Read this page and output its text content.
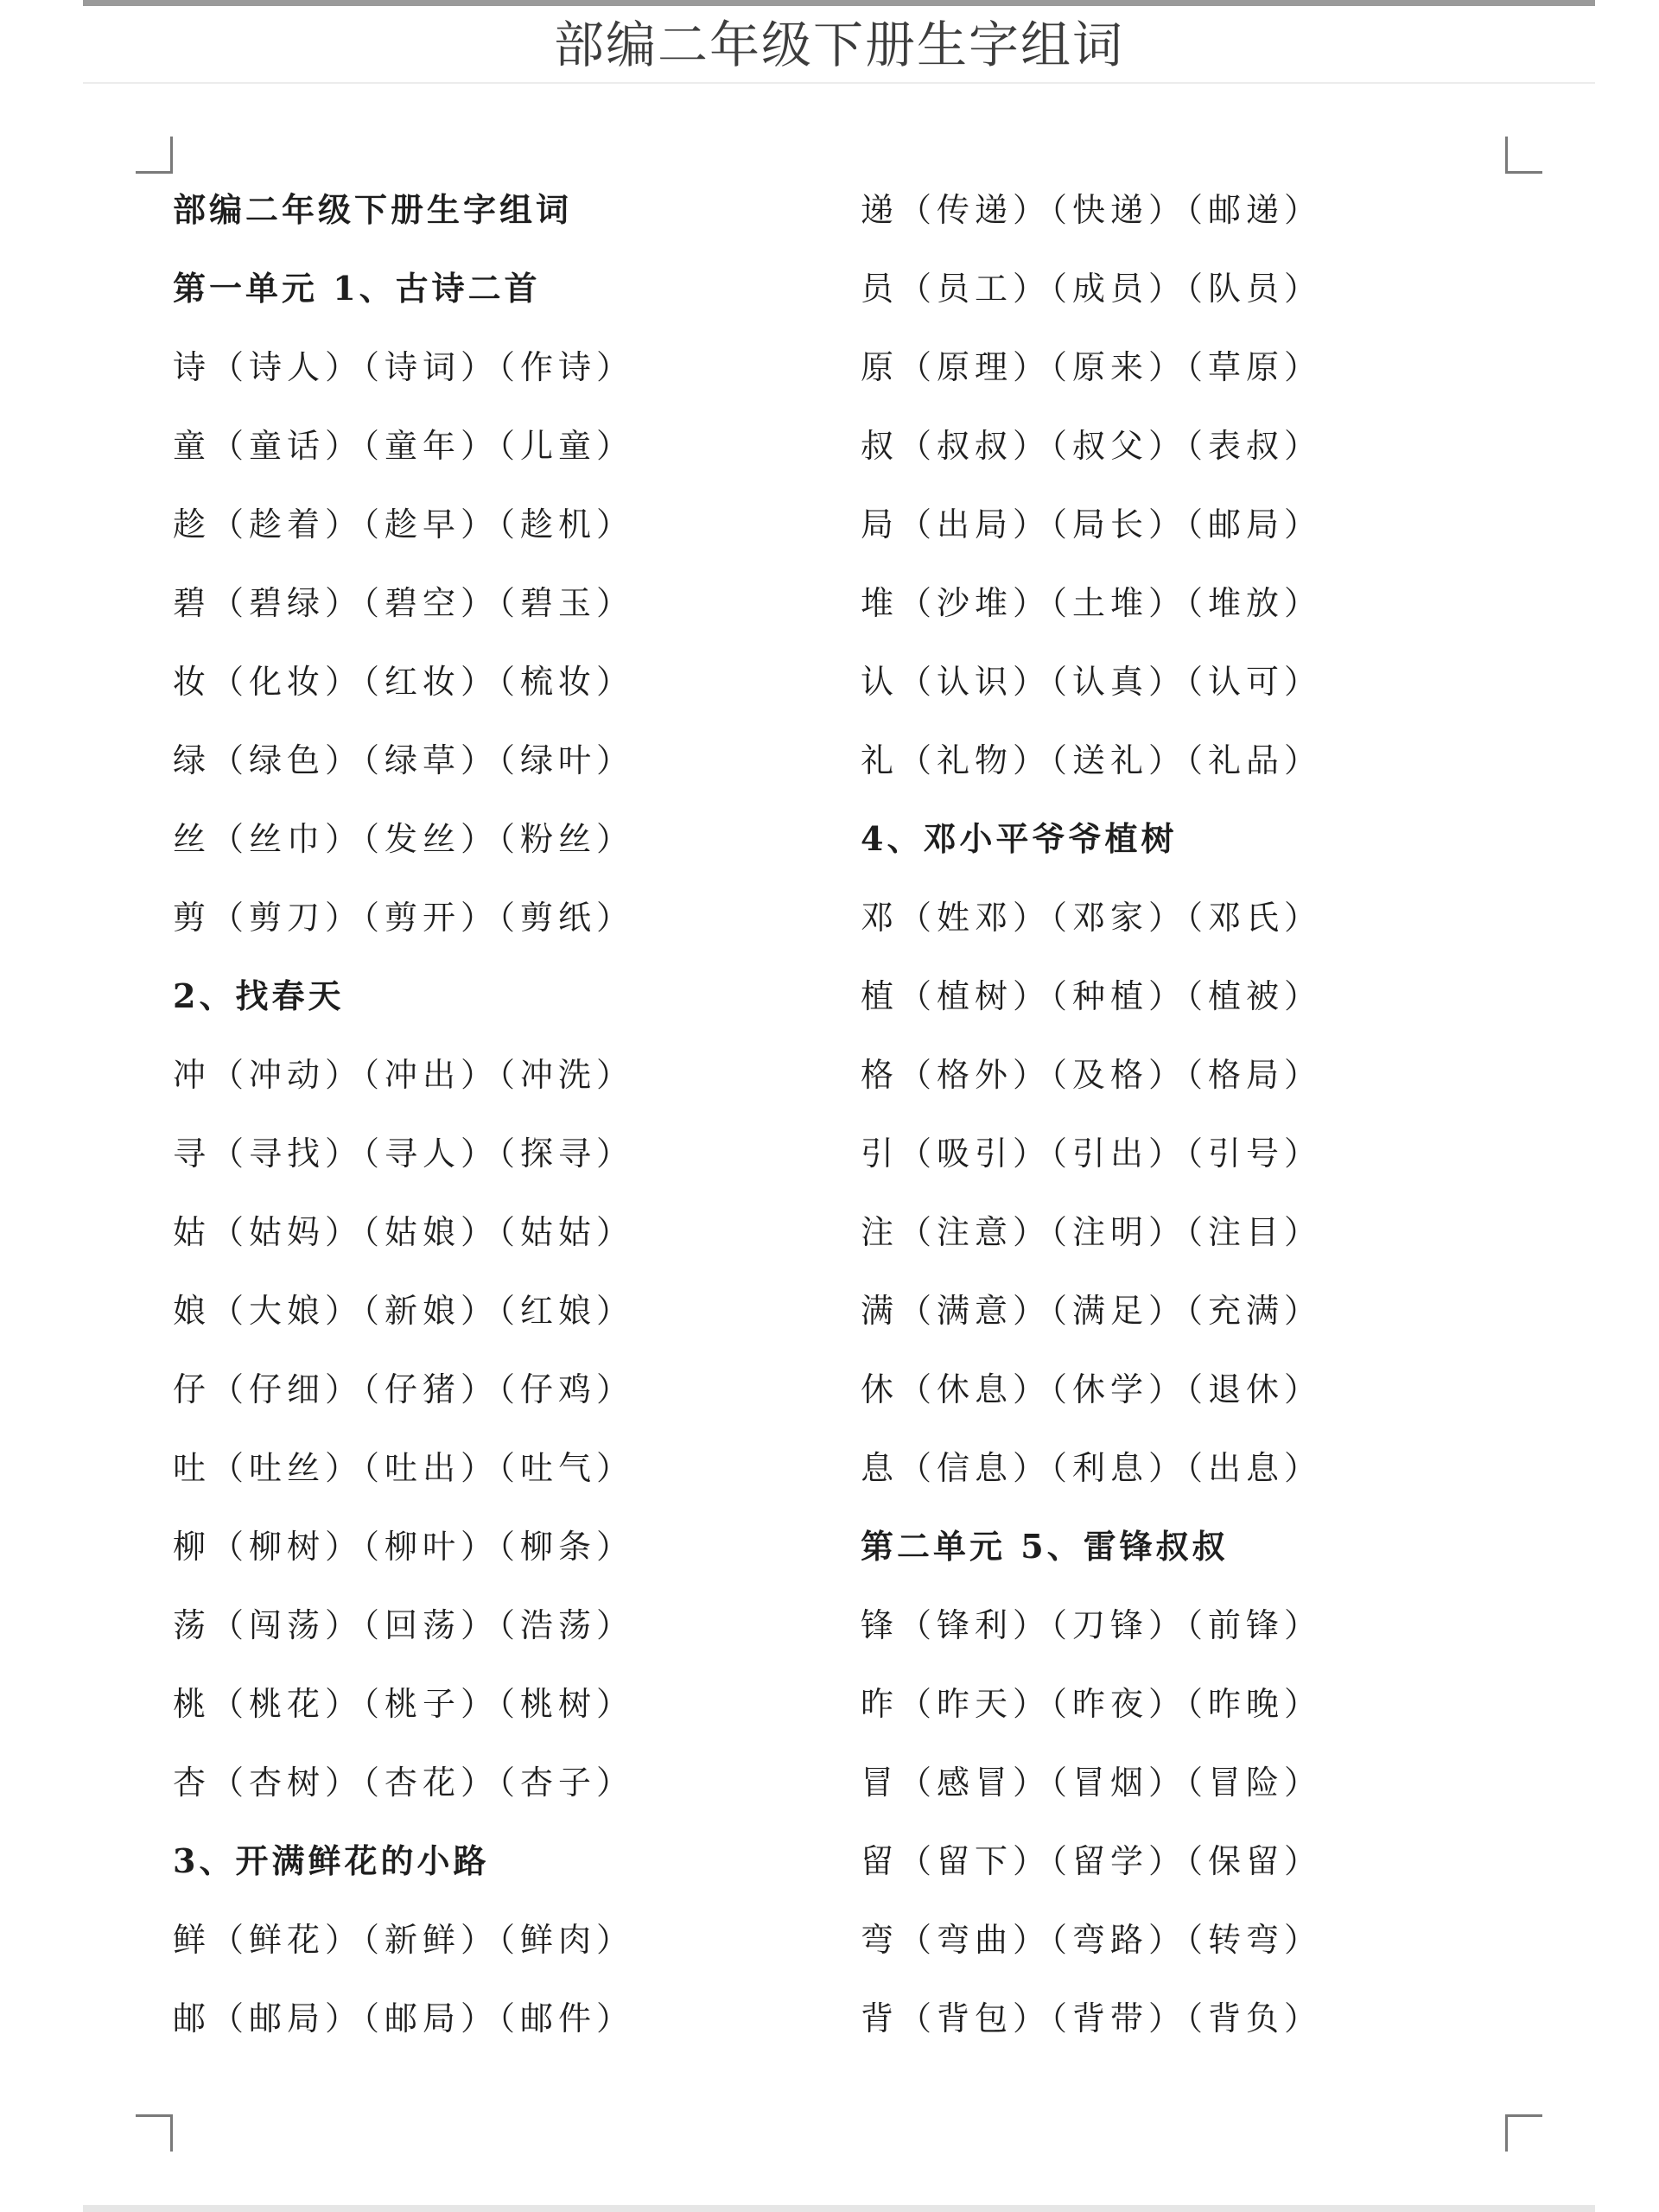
部编二年级下册生字组词
部编二年级下册生字组词
第一单元 1、古诗二首
诗（诗人）（诗词）（作诗）
童（童话）（童年）（儿童）
趁（趁着）（趁早）（趁机）
碧（碧绿）（碧空）（碧玉）
妆（化妆）（红妆）（梳妆）
绿（绿色）（绿草）（绿叶）
丝（丝巾）（发丝）（粉丝）
剪（剪刀）（剪开）（剪纸）
2、找春天
冲（冲动）（冲出）（冲洗）
寻（寻找）（寻人）（探寻）
姑（姑妈）（姑娘）（姑姑）
娘（大娘）（新娘）（红娘）
仔（仔细）（仔猪）（仔鸡）
吐（吐丝）（吐出）（吐气）
柳（柳树）（柳叶）（柳条）
荡（闯荡）（回荡）（浩荡）
桃（桃花）（桃子）（桃树）
杏（杏树）（杏花）（杏子）
3、开满鲜花的小路
鲜（鲜花）（新鲜）（鲜肉）
邮（邮局）（邮局）（邮件）
递（传递）（快递）（邮递）
员（员工）（成员）（队员）
原（原理）（原来）（草原）
叔（叔叔）（叔父）（表叔）
局（出局）（局长）（邮局）
堆（沙堆）（土堆）（堆放）
认（认识）（认真）（认可）
礼（礼物）（送礼）（礼品）
4、邓小平爷爷植树
邓（姓邓）（邓家）（邓氏）
植（植树）（种植）（植被）
格（格外）（及格）（格局）
引（吸引）（引出）（引号）
注（注意）（注明）（注目）
满（满意）（满足）（充满）
休（休息）（休学）（退休）
息（信息）（利息）（出息）
第二单元 5、雷锋叔叔
锋（锋利）（刀锋）（前锋）
昨（昨天）（昨夜）（昨晚）
冒（感冒）（冒烟）（冒险）
留（留下）（留学）（保留）
弯（弯曲）（弯路）（转弯）
背（背包）（背带）（背负）
